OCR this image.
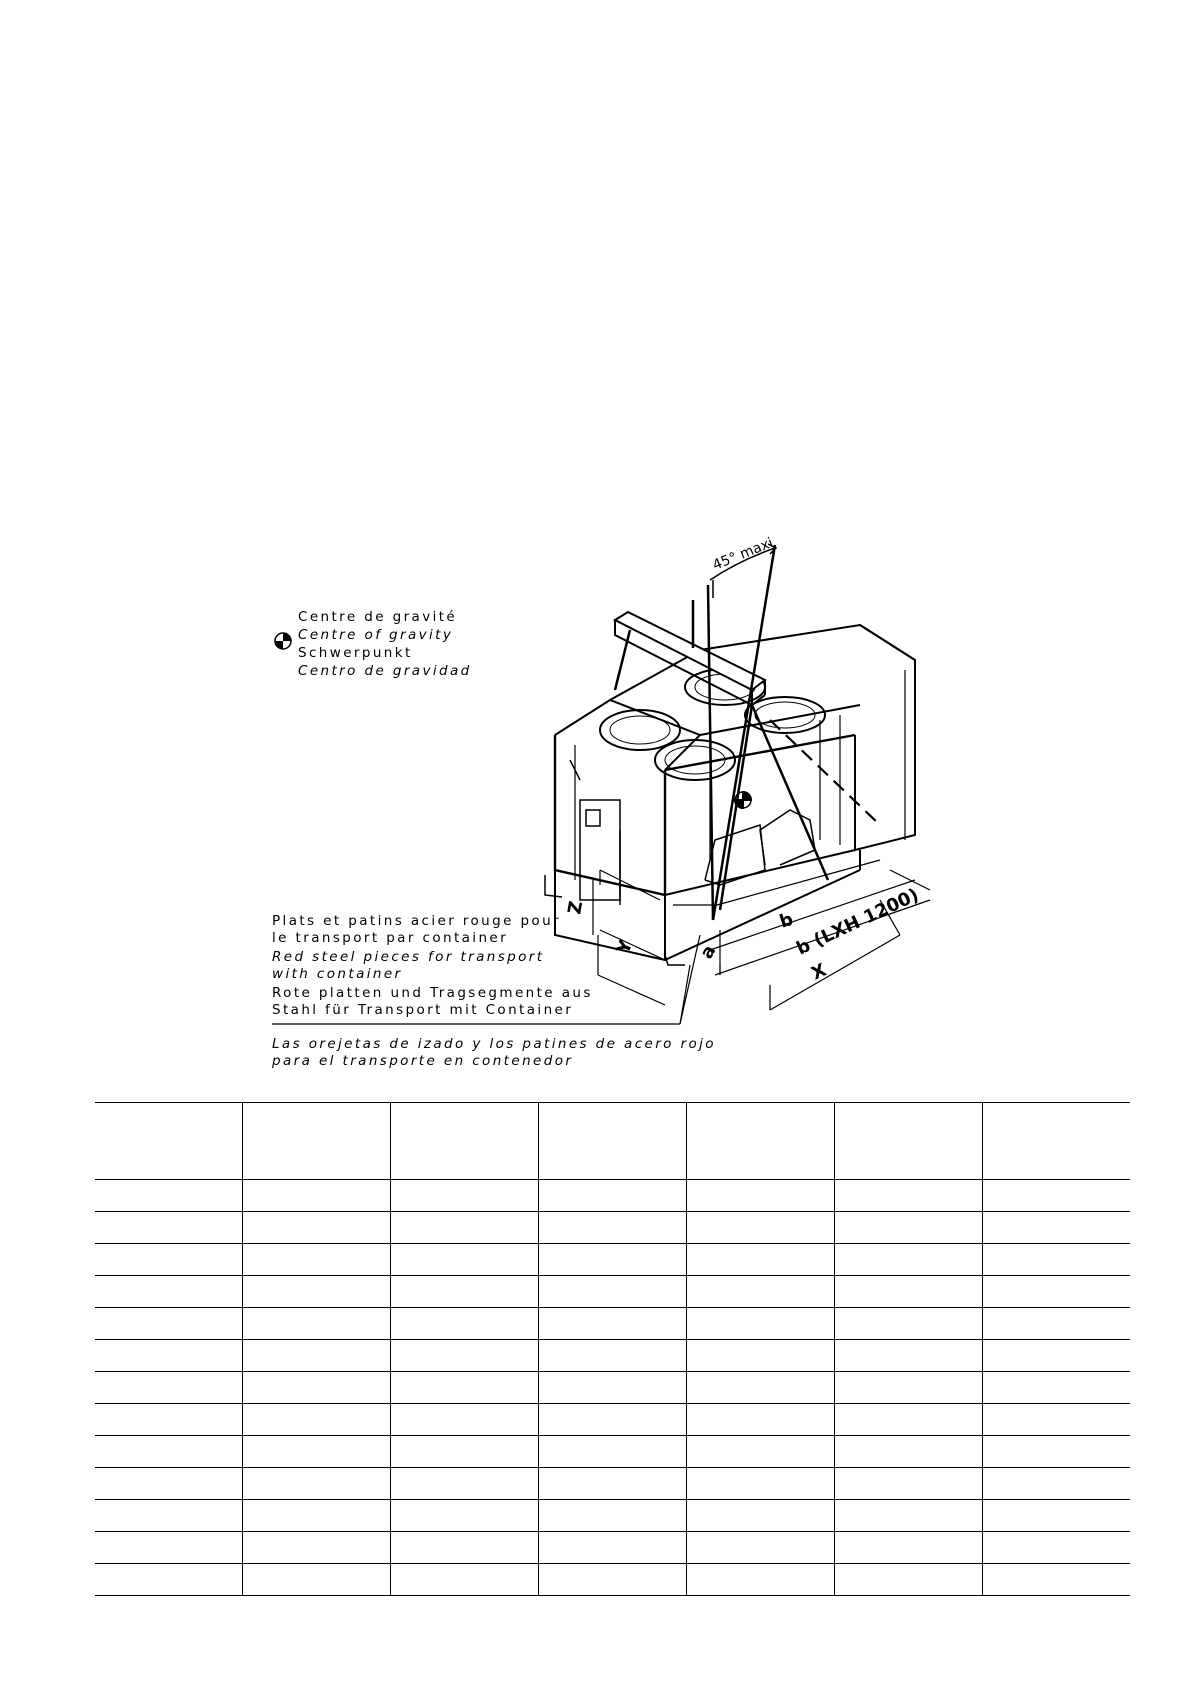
45° maxi
b
b (LXH 1200)
X
a
Y
Z
Centre de gravité
Centre of gravity
Schwerpunkt
Centro de gravidad
Plats et patins acier rouge pour
le transport par container
Red steel pieces for transport
with container
Rote platten und Tragsegmente aus
Stahl für Transport mit Container
Las orejetas de izado y los patines de acero rojo
para el transporte en contenedor
